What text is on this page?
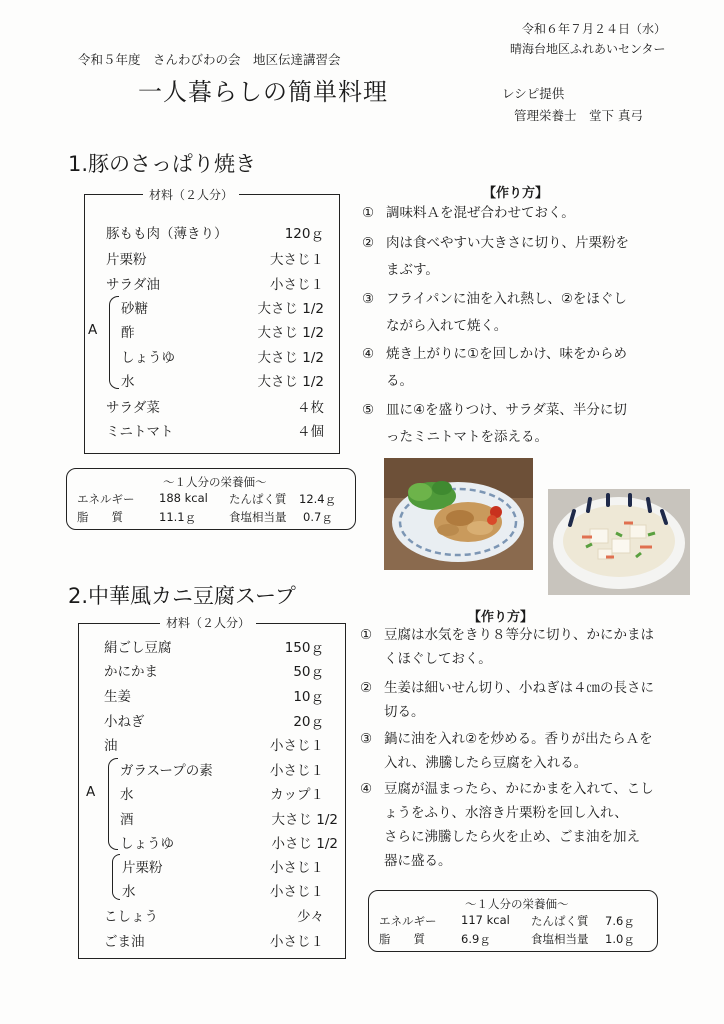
令和６年７月２４日（水）
晴海台地区ふれあいセンター
令和５年度　さんわびわの会　地区伝達講習会
一人暮らしの簡単料理	レシピ提供
管理栄養士　堂下 真弓
1.豚のさっぱり焼き
材料（２人分）
豚もも肉（薄きり）	120ｇ
片栗粉	大さじ１
サラダ油	小さじ１
A
砂糖	大さじ 1/2
酢	大さじ 1/2
しょうゆ	大さじ 1/2
水	大さじ 1/2
サラダ菜	４枚
ミニトマト	４個
【作り方】
① 調味料Ａを混ぜ合わせておく。
② 肉は食べやすい大きさに切り、片栗粉を
まぶす。
③ フライパンに油を入れ熱し、②をほぐし
ながら入れて焼く。
④ 焼き上がりに①を回しかけ、味をからめ
る。
⑤ 皿に④を盛りつけ、サラダ菜、半分に切
ったミニトマトを添える。
～１人分の栄養価～
エネルギー 188 kcal たんぱく質 12.4ｇ
脂　　質	11.1ｇ	食塩相当量 0.7ｇ
2.中華風カニ豆腐スープ
材料（２人分）
絹ごし豆腐	150ｇ
かにかま	50ｇ
生姜	10ｇ
小ねぎ	20ｇ
油	小さじ１
A
ガラスープの素	小さじ１
水	カップ１
酒	大さじ 1/2
しょうゆ	小さじ 1/2
片栗粉	小さじ１
水	小さじ１
こしょう	少々
ごま油	小さじ１
【作り方】
① 豆腐は水気をきり８等分に切り、かにかまは
くほぐしておく。
② 生姜は細いせん切り、小ねぎは４㎝の長さに
切る。
③ 鍋に油を入れ②を炒める。香りが出たらＡを
入れ、沸騰したら豆腐を入れる。
④ 豆腐が温まったら、かにかまを入れて、こし
ょうをふり、水溶き片栗粉を回し入れ、
さらに沸騰したら火を止め、ごま油を加え
器に盛る。
～１人分の栄養価～
エネルギー 117 kcal たんぱく質 7.6ｇ
脂　　質	6.9ｇ	食塩相当量 1.0ｇ
